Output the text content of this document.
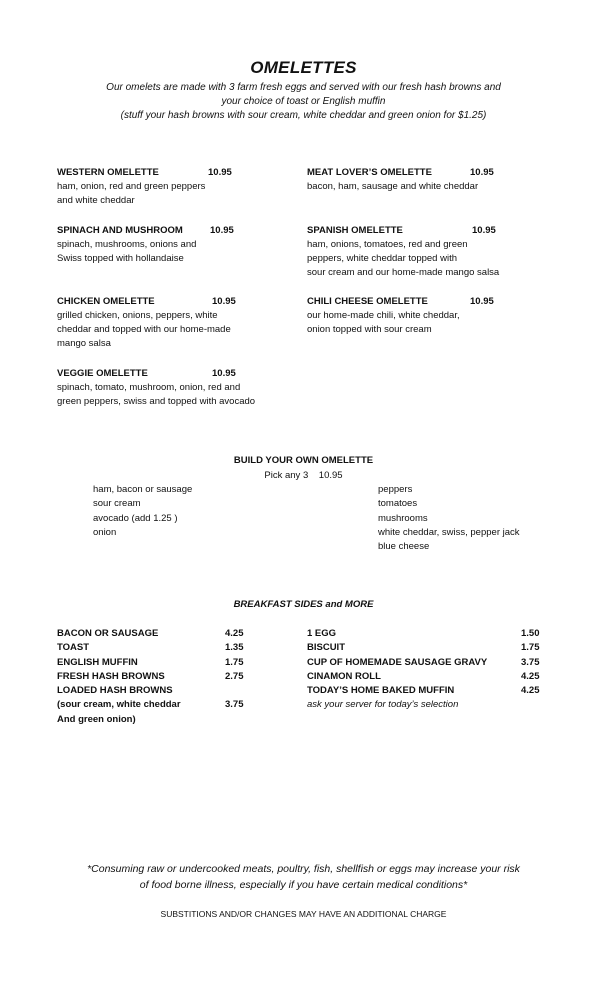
OMELETTES
Our omelets are made with 3 farm fresh eggs and served with our fresh hash browns and
your choice of toast or English muffin
(stuff your hash browns with sour cream, white cheddar and green onion for $1.25)
WESTERN OMELETTE	10.95
ham, onion, red and green peppers
and white cheddar
MEAT LOVER’S OMELETTE	10.95
bacon, ham, sausage and white cheddar
SPINACH AND MUSHROOM	10.95
spinach, mushrooms, onions and
Swiss topped with hollandaise
SPANISH OMELETTE	10.95
ham, onions, tomatoes, red and green
peppers, white cheddar topped with
sour cream and our home-made mango salsa
CHICKEN OMELETTE	10.95
grilled chicken, onions, peppers, white
cheddar and topped with our home-made
mango salsa
CHILI CHEESE OMELETTE	10.95
our home-made chili, white cheddar,
onion topped with sour cream
VEGGIE OMELETTE	10.95
spinach, tomato, mushroom, onion, red and
green peppers, swiss and topped with avocado
BUILD YOUR OWN OMELETTE
Pick any 3 10.95
ham, bacon or sausage
sour cream
avocado (add 1.25 )
onion
peppers
tomatoes
mushrooms
white cheddar, swiss, pepper jack
blue cheese
BREAKFAST SIDES and MORE
BACON OR SAUSAGE	4.25
TOAST	1.35
ENGLISH MUFFIN	1.75
FRESH HASH BROWNS	2.75
LOADED HASH BROWNS
(sour cream, white cheddar	3.75
And green onion)
1 EGG	1.50
BISCUIT	1.75
CUP OF HOMEMADE SAUSAGE GRAVY	3.75
CINAMON ROLL	4.25
TODAY’S HOME BAKED MUFFIN	4.25
ask your server for today’s selection
*Consuming raw or undercooked meats, poultry, fish, shellfish or eggs may increase your risk
of food borne illness, especially if you have certain medical conditions*
SUBSTITIONS AND/OR CHANGES MAY HAVE AN ADDITIONAL CHARGE
